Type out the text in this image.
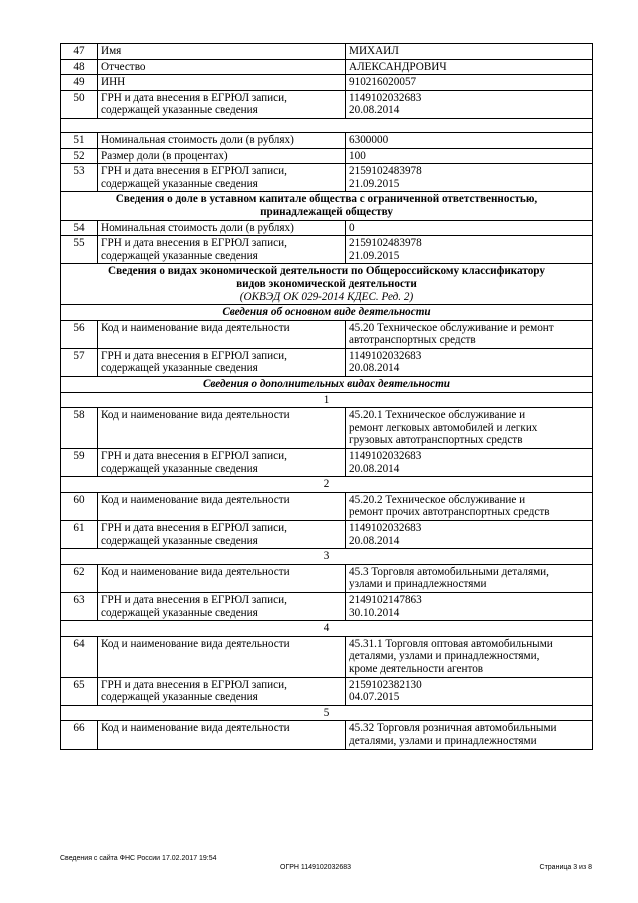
47	Имя	МИХАИЛ

48	Отчество	АЛЕКСАНДРОВИЧ

49	ИНН	910216020057

50	ГРН и дата внесения в ЕГРЮЛ записи,
содержащей указанные сведения	1149102032683
20.08.2014

51	Номинальная стоимость доли (в рублях)	6300000

52	Размер доли (в процентах)	100

53	ГРН и дата внесения в ЕГРЮЛ записи,
содержащей указанные сведения	2159102483978
21.09.2015

Сведения о доле в уставном капитале общества с ограниченной ответственностью,
принадлежащей обществу		

54	Номинальная стоимость доли (в рублях)	0

55	ГРН и дата внесения в ЕГРЮЛ записи,
содержащей указанные сведения	2159102483978
21.09.2015

Сведения о видах экономической деятельности по Общероссийскому классификатору
видов экономической деятельности
(ОКВЭД ОК 029-2014 КДЕС. Ред. 2)		

Сведения об основном виде деятельности		
56	Код и наименование вида деятельности	45.20 Техническое обслуживание и ремонт
автотранспортных средств

57	ГРН и дата внесения в ЕГРЮЛ записи,
содержащей указанные сведения	1149102032683
20.08.2014

Сведения о дополнительных видах деятельности		
1		
58	Код и наименование вида деятельности	45.20.1 Техническое обслуживание и
ремонт легковых автомобилей и легких
грузовых автотранспортных средств

59	ГРН и дата внесения в ЕГРЮЛ записи,
содержащей указанные сведения	1149102032683
20.08.2014

2		
60	Код и наименование вида деятельности	45.20.2 Техническое обслуживание и
ремонт прочих автотранспортных средств

61	ГРН и дата внесения в ЕГРЮЛ записи,
содержащей указанные сведения	1149102032683
20.08.2014

3		
62	Код и наименование вида деятельности	45.3 Торговля автомобильными деталями,
узлами и принадлежностями

63	ГРН и дата внесения в ЕГРЮЛ записи,
содержащей указанные сведения	2149102147863
30.10.2014

4		
64	Код и наименование вида деятельности	45.31.1 Торговля оптовая автомобильными
деталями, узлами и принадлежностями,
кроме деятельности агентов

65	ГРН и дата внесения в ЕГРЮЛ записи,
содержащей указанные сведения	2159102382130
04.07.2015

5		
66	Код и наименование вида деятельности	45.32 Торговля розничная автомобильными
деталями, узлами и принадлежностями
Сведения с сайта ФНС России 17.02.2017 19:54
ОГРН 1149102032683	Страница 3 из 8
